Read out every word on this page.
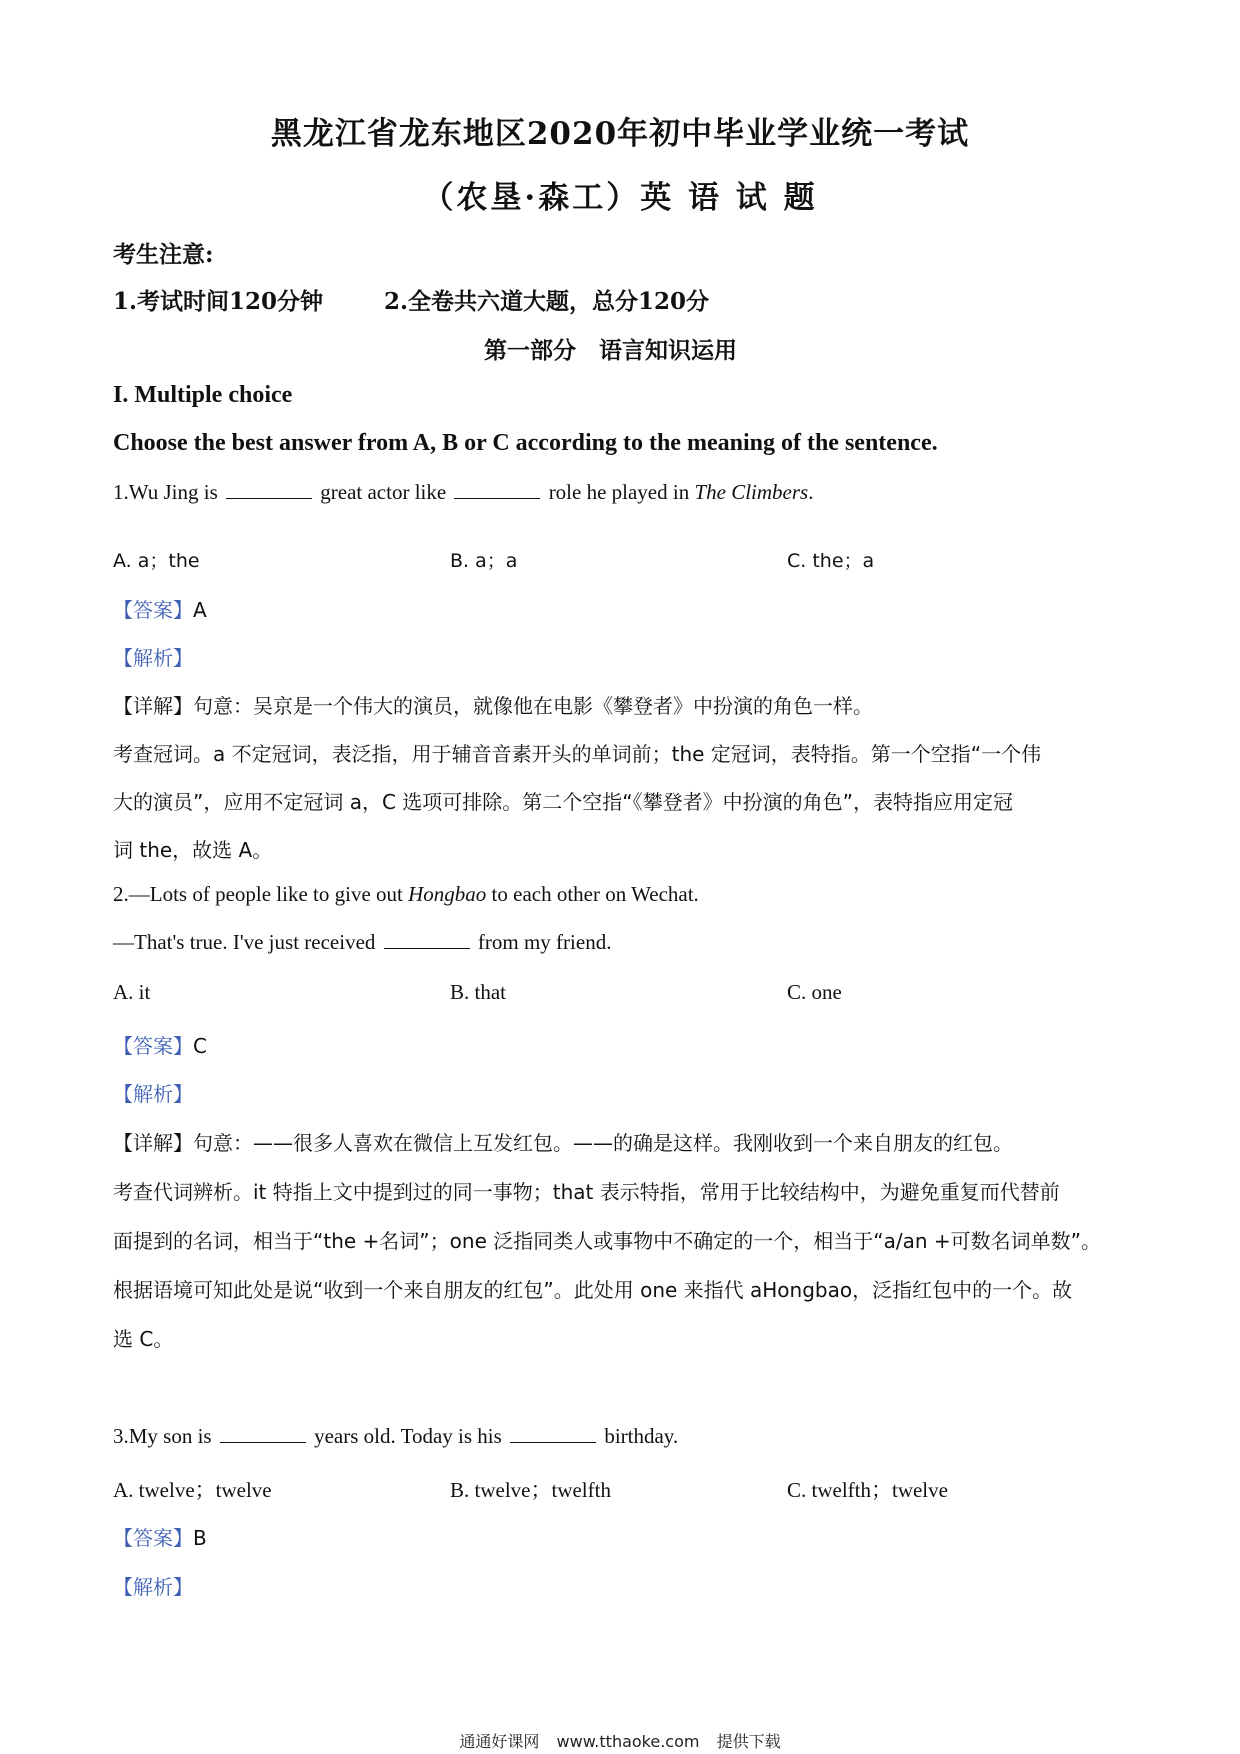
黑龙江省龙东地区2020年初中毕业学业统一考试
（农垦·森工）英 语 试 题
考生注意:
1.考试时间120分钟	2.全卷共六道大题，总分120分
第一部分　语言知识运用
I. Multiple choice
Choose the best answer from A, B or C according to the meaning of the sentence.
1.Wu Jing is	great actor like	role he played in The Climbers.
A. a；the	B. a；a	C. the；a
【答案】A
【解析】
【详解】句意：吴京是一个伟大的演员，就像他在电影《攀登者》中扮演的角色一样。
考查冠词。a 不定冠词，表泛指，用于辅音音素开头的单词前；the 定冠词，表特指。第一个空指“一个伟
大的演员”，应用不定冠词 a，C 选项可排除。第二个空指“《攀登者》中扮演的角色”，表特指应用定冠
词 the，故选 A。
2.—Lots of people like to give out Hongbao to each other on Wechat.
—That's true. I've just received	from my friend.
A. it	B. that	C. one
【答案】C
【解析】
【详解】句意：——很多人喜欢在微信上互发红包。——的确是这样。我刚收到一个来自朋友的红包。
考查代词辨析。it 特指上文中提到过的同一事物；that 表示特指，常用于比较结构中，为避免重复而代替前
面提到的名词，相当于“the +名词”；one 泛指同类人或事物中不确定的一个，相当于“a/an +可数名词单数”。
根据语境可知此处是说“收到一个来自朋友的红包”。此处用 one 来指代 aHongbao，泛指红包中的一个。故
选 C。
3.My son is	years old. Today is his	birthday.
A. twelve；twelve	B. twelve；twelfth	C. twelfth；twelve
【答案】B
【解析】
通通好课网 www.tthaoke.com 提供下载
